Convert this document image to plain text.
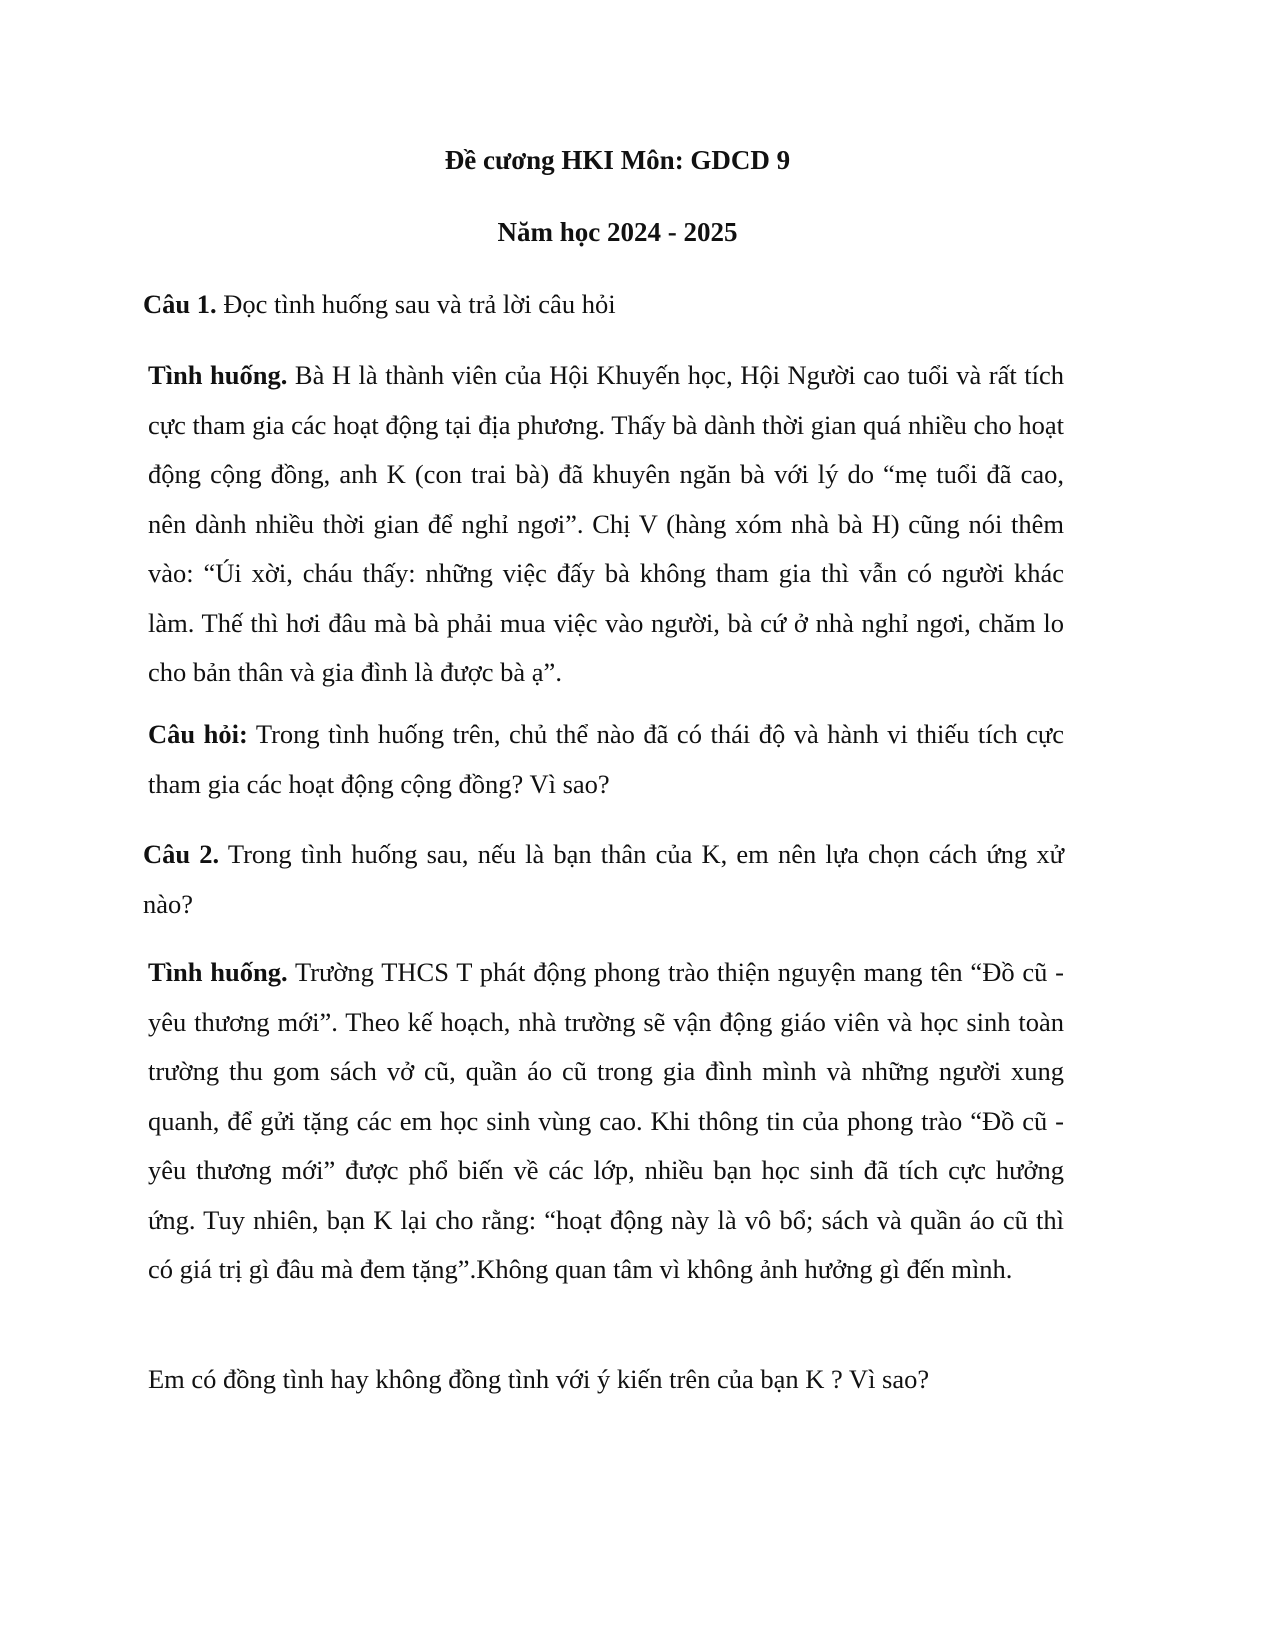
Đề cương HKI Môn: GDCD 9
Năm học 2024 - 2025

Câu 1. Đọc tình huống sau và trả lời câu hỏi

Tình huống. Bà H là thành viên của Hội Khuyến học, Hội Người cao tuổi và rất tích cực tham gia các hoạt động tại địa phương. Thấy bà dành thời gian quá nhiều cho hoạt động cộng đồng, anh K (con trai bà) đã khuyên ngăn bà với lý do “mẹ tuổi đã cao, nên dành nhiều thời gian để nghỉ ngơi”. Chị V (hàng xóm nhà bà H) cũng nói thêm vào: “Úi xời, cháu thấy: những việc đấy bà không tham gia thì vẫn có người khác làm. Thế thì hơi đâu mà bà phải mua việc vào người, bà cứ ở nhà nghỉ ngơi, chăm lo cho bản thân và gia đình là được bà ạ”.

Câu hỏi: Trong tình huống trên, chủ thể nào đã có thái độ và hành vi thiếu tích cực tham gia các hoạt động cộng đồng? Vì sao?

Câu 2. Trong tình huống sau, nếu là bạn thân của K, em nên lựa chọn cách ứng xử nào?

Tình huống. Trường THCS T phát động phong trào thiện nguyện mang tên “Đồ cũ - yêu thương mới”. Theo kế hoạch, nhà trường sẽ vận động giáo viên và học sinh toàn trường thu gom sách vở cũ, quần áo cũ trong gia đình mình và những người xung quanh, để gửi tặng các em học sinh vùng cao. Khi thông tin của phong trào “Đồ cũ - yêu thương mới” được phổ biến về các lớp, nhiều bạn học sinh đã tích cực hưởng ứng. Tuy nhiên, bạn K lại cho rằng: “hoạt động này là vô bổ; sách và quần áo cũ thì có giá trị gì đâu mà đem tặng”.Không quan tâm vì không ảnh hưởng gì đến mình.

Em có đồng tình hay không đồng tình với ý kiến trên của bạn K ? Vì sao?
